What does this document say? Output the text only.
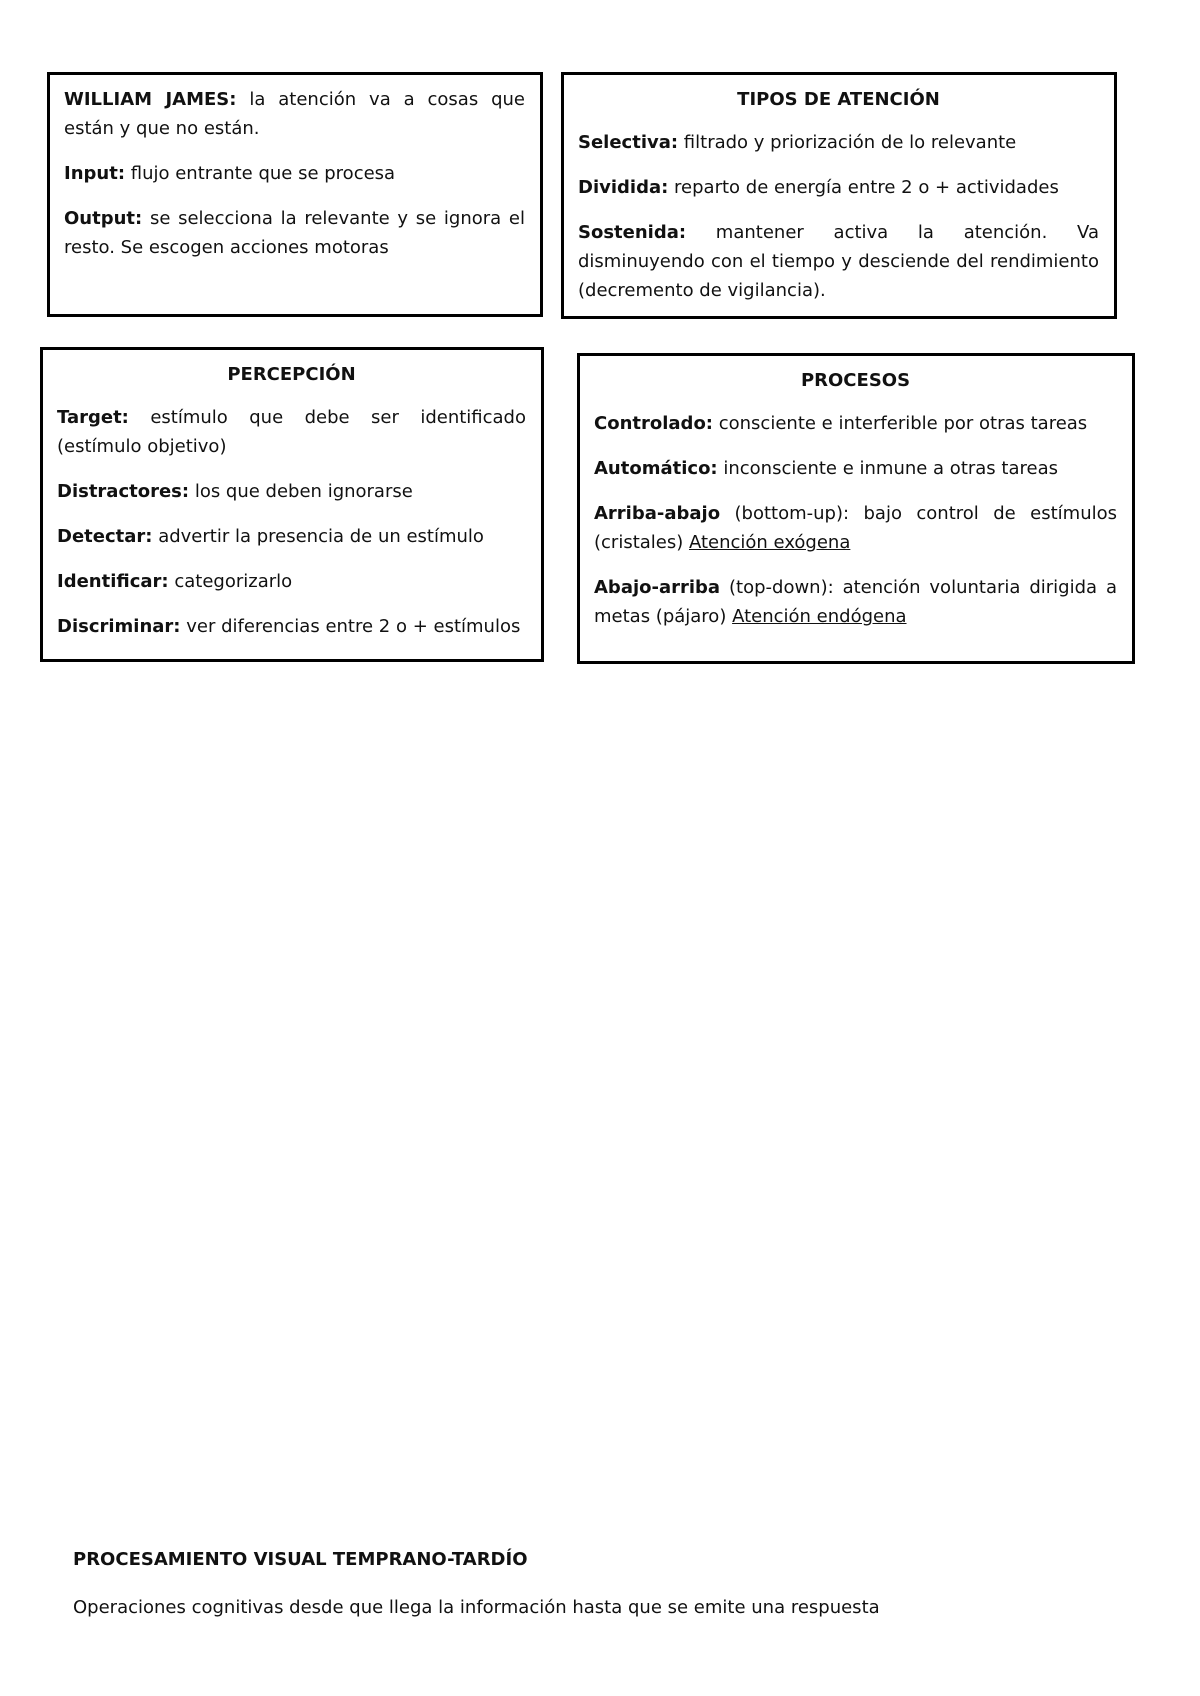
WILLIAM JAMES: la atención va a cosas que están y que no están.

Input: flujo entrante que se procesa

Output: se selecciona la relevante y se ignora el resto. Se escogen acciones motoras

TIPOS DE ATENCIÓN

Selectiva: filtrado y priorización de lo relevante

Dividida: reparto de energía entre 2 o + actividades

Sostenida: mantener activa la atención. Va disminuyendo con el tiempo y desciende del rendimiento (decremento de vigilancia).

PERCEPCIÓN

Target: estímulo que debe ser identificado (estímulo objetivo)

Distractores: los que deben ignorarse

Detectar: advertir la presencia de un estímulo

Identificar: categorizarlo

Discriminar: ver diferencias entre 2 o + estímulos

PROCESOS

Controlado: consciente e interferible por otras tareas

Automático: inconsciente e inmune a otras tareas

Arriba-abajo (bottom-up): bajo control de estímulos (cristales) Atención exógena

Abajo-arriba (top-down): atención voluntaria dirigida a metas (pájaro) Atención endógena

PROCESAMIENTO VISUAL TEMPRANO-TARDÍO

Operaciones cognitivas desde que llega la información hasta que se emite una respuesta
